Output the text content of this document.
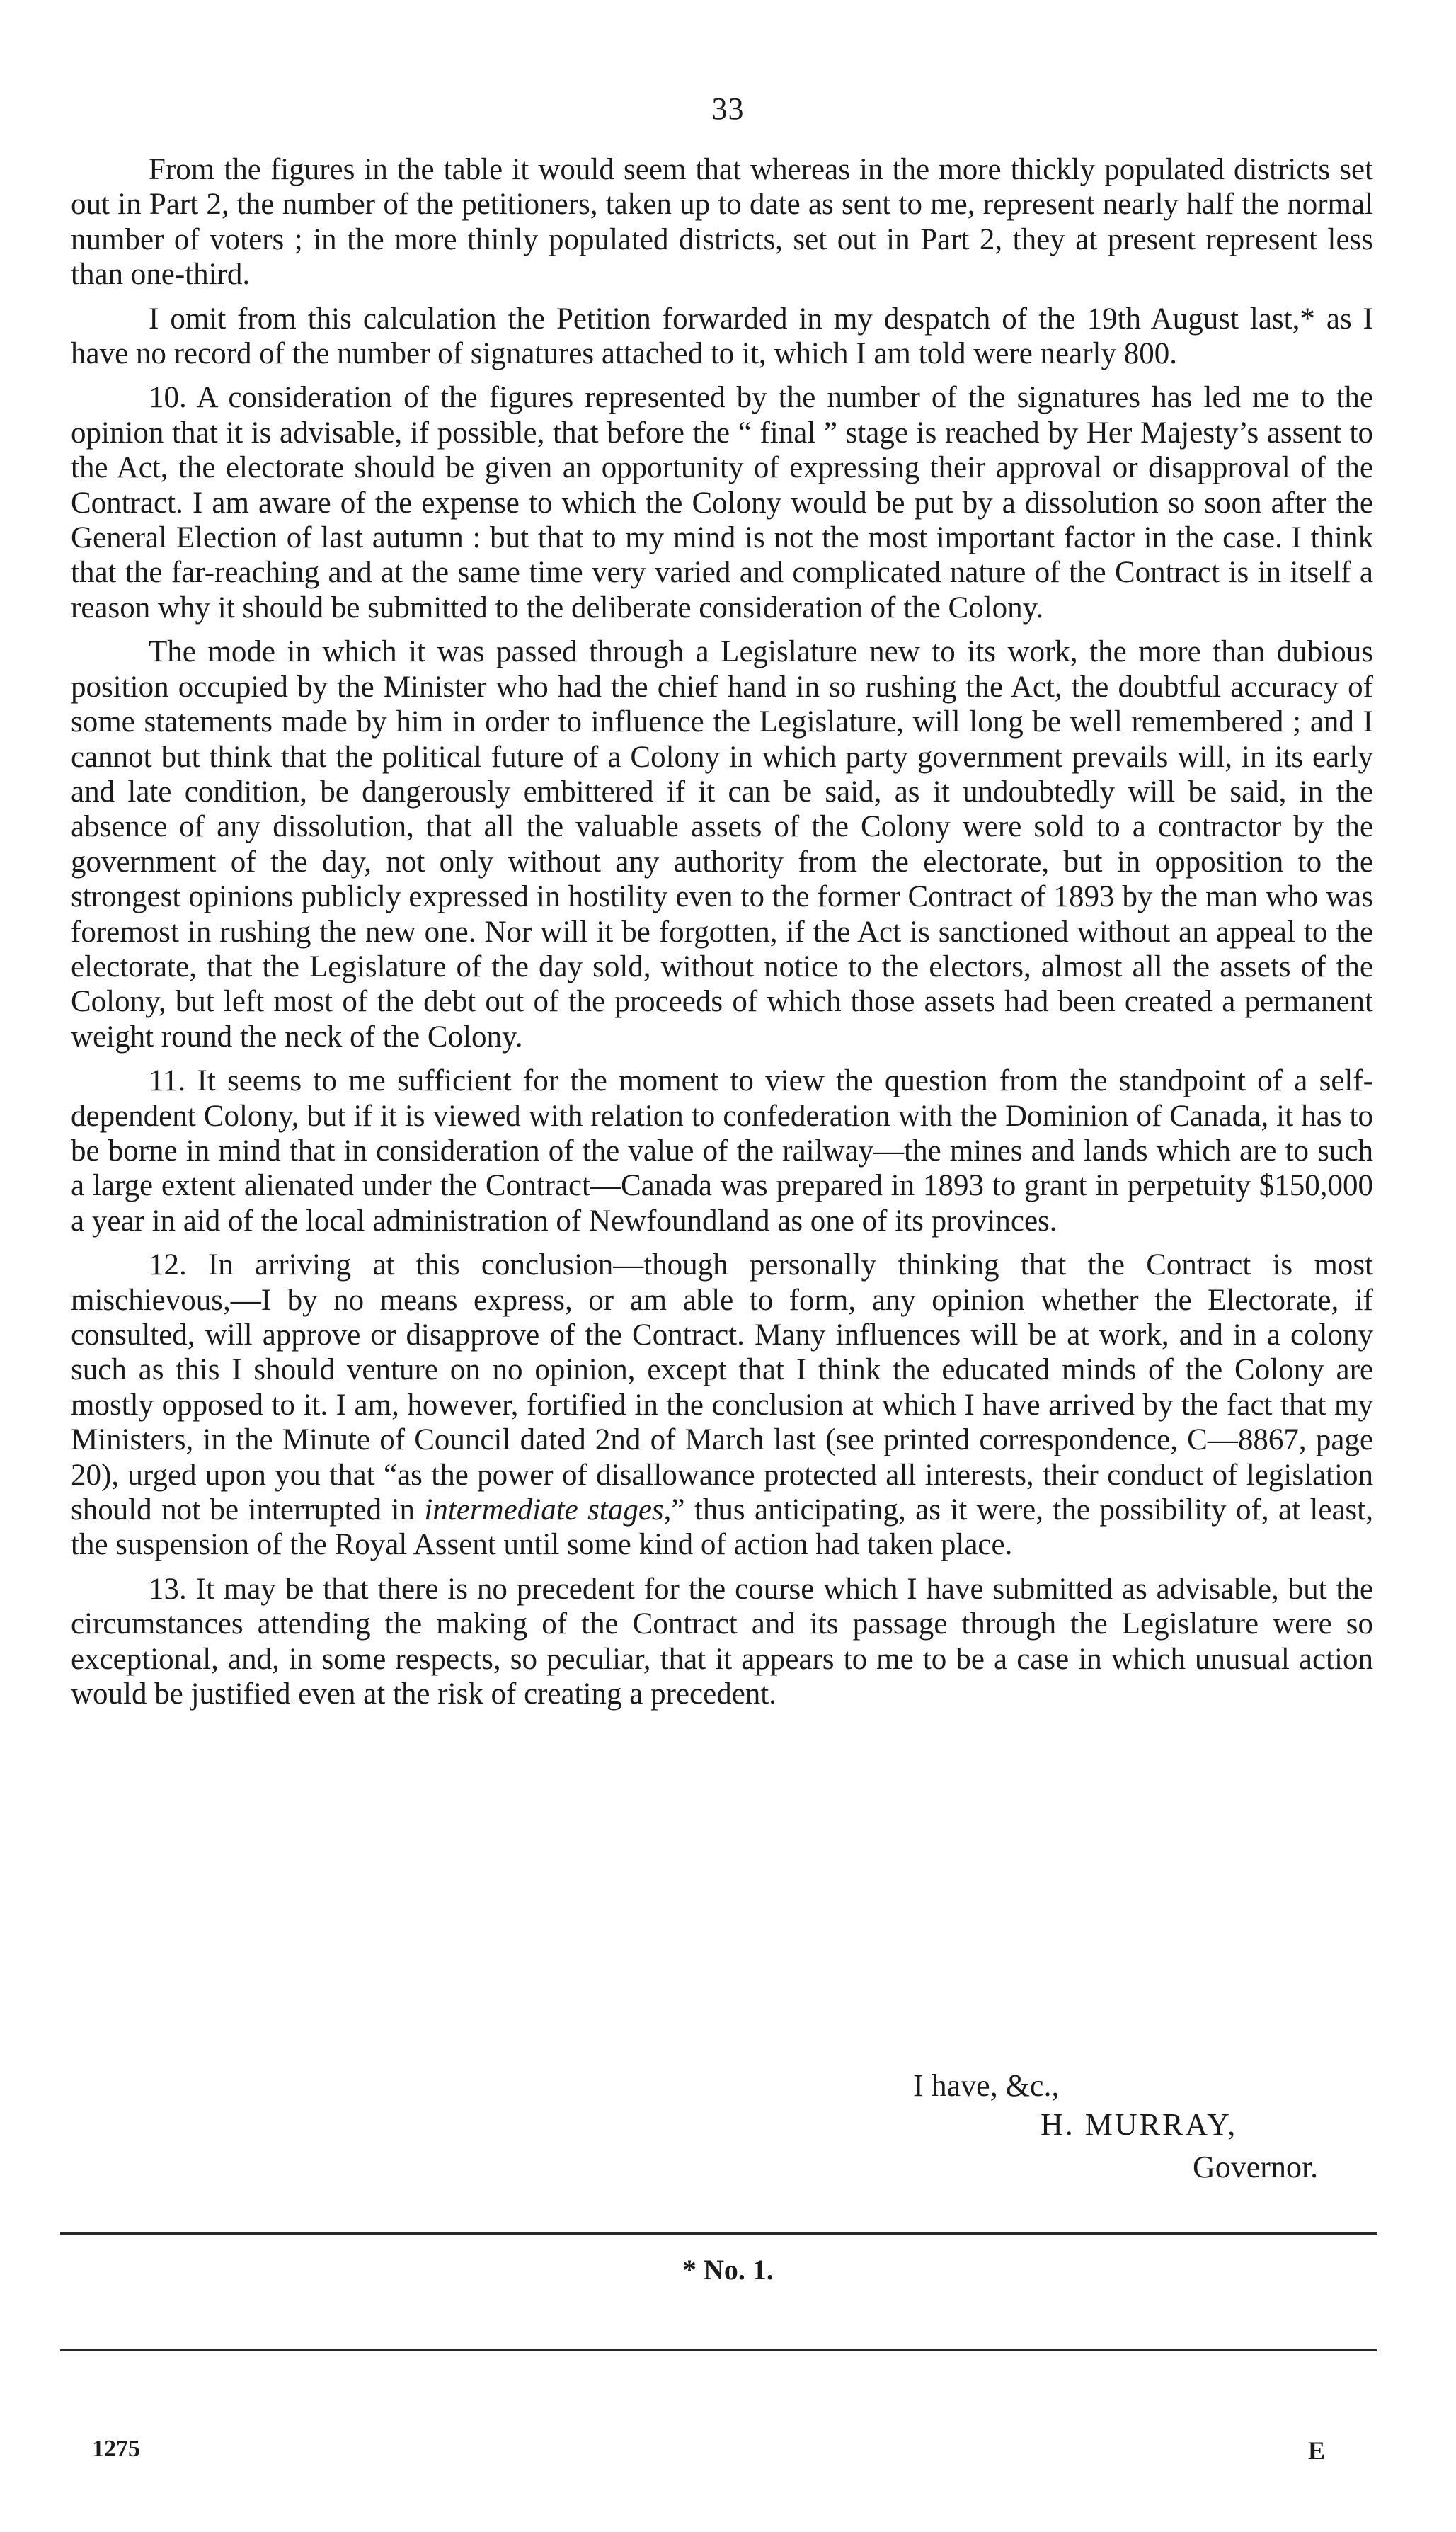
33

From the figures in the table it would seem that whereas in the more thickly populated districts set out in Part 2, the number of the petitioners, taken up to date as sent to me, represent nearly half the normal number of voters ; in the more thinly populated districts, set out in Part 2, they at present represent less than one-third.

I omit from this calculation the Petition forwarded in my despatch of the 19th August last,* as I have no record of the number of signatures attached to it, which I am told were nearly 800.

10. A consideration of the figures represented by the number of the signatures has led me to the opinion that it is advisable, if possible, that before the “ final ” stage is reached by Her Majesty’s assent to the Act, the electorate should be given an opportunity of expressing their approval or disapproval of the Contract. I am aware of the expense to which the Colony would be put by a dissolution so soon after the General Election of last autumn : but that to my mind is not the most important factor in the case. I think that the far-reaching and at the same time very varied and complicated nature of the Contract is in itself a reason why it should be submitted to the deliberate consideration of the Colony.

The mode in which it was passed through a Legislature new to its work, the more than dubious position occupied by the Minister who had the chief hand in so rushing the Act, the doubtful accuracy of some statements made by him in order to influence the Legislature, will long be well remembered ; and I cannot but think that the political future of a Colony in which party government prevails will, in its early and late condition, be dangerously embittered if it can be said, as it undoubtedly will be said, in the absence of any dissolution, that all the valuable assets of the Colony were sold to a contractor by the government of the day, not only without any authority from the electorate, but in opposition to the strongest opinions publicly expressed in hostility even to the former Contract of 1893 by the man who was foremost in rushing the new one. Nor will it be forgotten, if the Act is sanctioned without an appeal to the electorate, that the Legislature of the day sold, without notice to the electors, almost all the assets of the Colony, but left most of the debt out of the proceeds of which those assets had been created a permanent weight round the neck of the Colony.

11. It seems to me sufficient for the moment to view the question from the standpoint of a self-dependent Colony, but if it is viewed with relation to confederation with the Dominion of Canada, it has to be borne in mind that in consideration of the value of the railway—the mines and lands which are to such a large extent alienated under the Contract—Canada was prepared in 1893 to grant in perpetuity $150,000 a year in aid of the local administration of Newfoundland as one of its provinces.

12. In arriving at this conclusion—though personally thinking that the Contract is most mischievous,—I by no means express, or am able to form, any opinion whether the Electorate, if consulted, will approve or disapprove of the Contract. Many influences will be at work, and in a colony such as this I should venture on no opinion, except that I think the educated minds of the Colony are mostly opposed to it. I am, however, fortified in the conclusion at which I have arrived by the fact that my Ministers, in the Minute of Council dated 2nd of March last (see printed correspondence, C—8867, page 20), urged upon you that “as the power of disallowance protected all interests, their conduct of legislation should not be interrupted in intermediate stages,” thus anticipating, as it were, the possibility of, at least, the suspension of the Royal Assent until some kind of action had taken place.

13. It may be that there is no precedent for the course which I have submitted as advisable, but the circumstances attending the making of the Contract and its passage through the Legislature were so exceptional, and, in some respects, so peculiar, that it appears to me to be a case in which unusual action would be justified even at the risk of creating a precedent.

I have, &c.,
H. MURRAY,
Governor.
* No. 1.
1275	E
